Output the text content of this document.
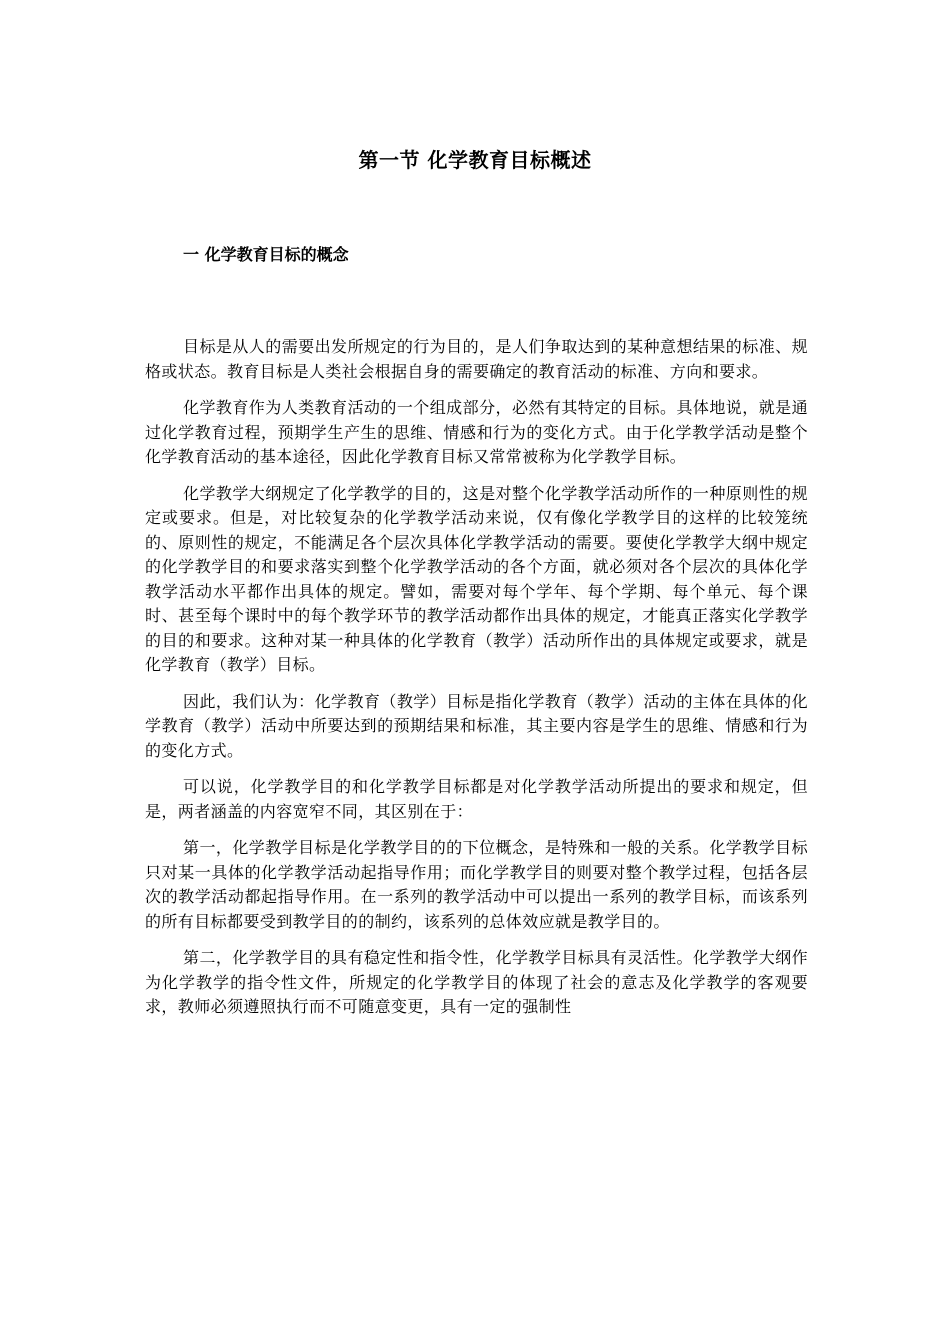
第一节 化学教育目标概述
一 化学教育目标的概念

目标是从人的需要出发所规定的行为目的，是人们争取达到的某种意想结果的标准、规格或状态。教育目标是人类社会根据自身的需要确定的教育活动的标准、方向和要求。

化学教育作为人类教育活动的一个组成部分，必然有其特定的目标。具体地说，就是通过化学教育过程，预期学生产生的思维、情感和行为的变化方式。由于化学教学活动是整个化学教育活动的基本途径，因此化学教育目标又常常被称为化学教学目标。

化学教学大纲规定了化学教学的目的，这是对整个化学教学活动所作的一种原则性的规定或要求。但是，对比较复杂的化学教学活动来说，仅有像化学教学目的这样的比较笼统的、原则性的规定，不能满足各个层次具体化学教学活动的需要。要使化学教学大纲中规定的化学教学目的和要求落实到整个化学教学活动的各个方面，就必须对各个层次的具体化学教学活动水平都作出具体的规定。譬如，需要对每个学年、每个学期、每个单元、每个课时、甚至每个课时中的每个教学环节的教学活动都作出具体的规定，才能真正落实化学教学的目的和要求。这种对某一种具体的化学教育（教学）活动所作出的具体规定或要求，就是化学教育（教学）目标。

因此，我们认为：化学教育（教学）目标是指化学教育（教学）活动的主体在具体的化学教育（教学）活动中所要达到的预期结果和标准，其主要内容是学生的思维、情感和行为的变化方式。

可以说，化学教学目的和化学教学目标都是对化学教学活动所提出的要求和规定，但是，两者涵盖的内容宽窄不同，其区别在于：

第一，化学教学目标是化学教学目的的下位概念，是特殊和一般的关系。化学教学目标只对某一具体的化学教学活动起指导作用；而化学教学目的则要对整个教学过程，包括各层次的教学活动都起指导作用。在一系列的教学活动中可以提出一系列的教学目标，而该系列的所有目标都要受到教学目的的制约，该系列的总体效应就是教学目的。

第二，化学教学目的具有稳定性和指令性，化学教学目标具有灵活性。化学教学大纲作为化学教学的指令性文件，所规定的化学教学目的体现了社会的意志及化学教学的客观要求，教师必须遵照执行而不可随意变更，具有一定的强制性
